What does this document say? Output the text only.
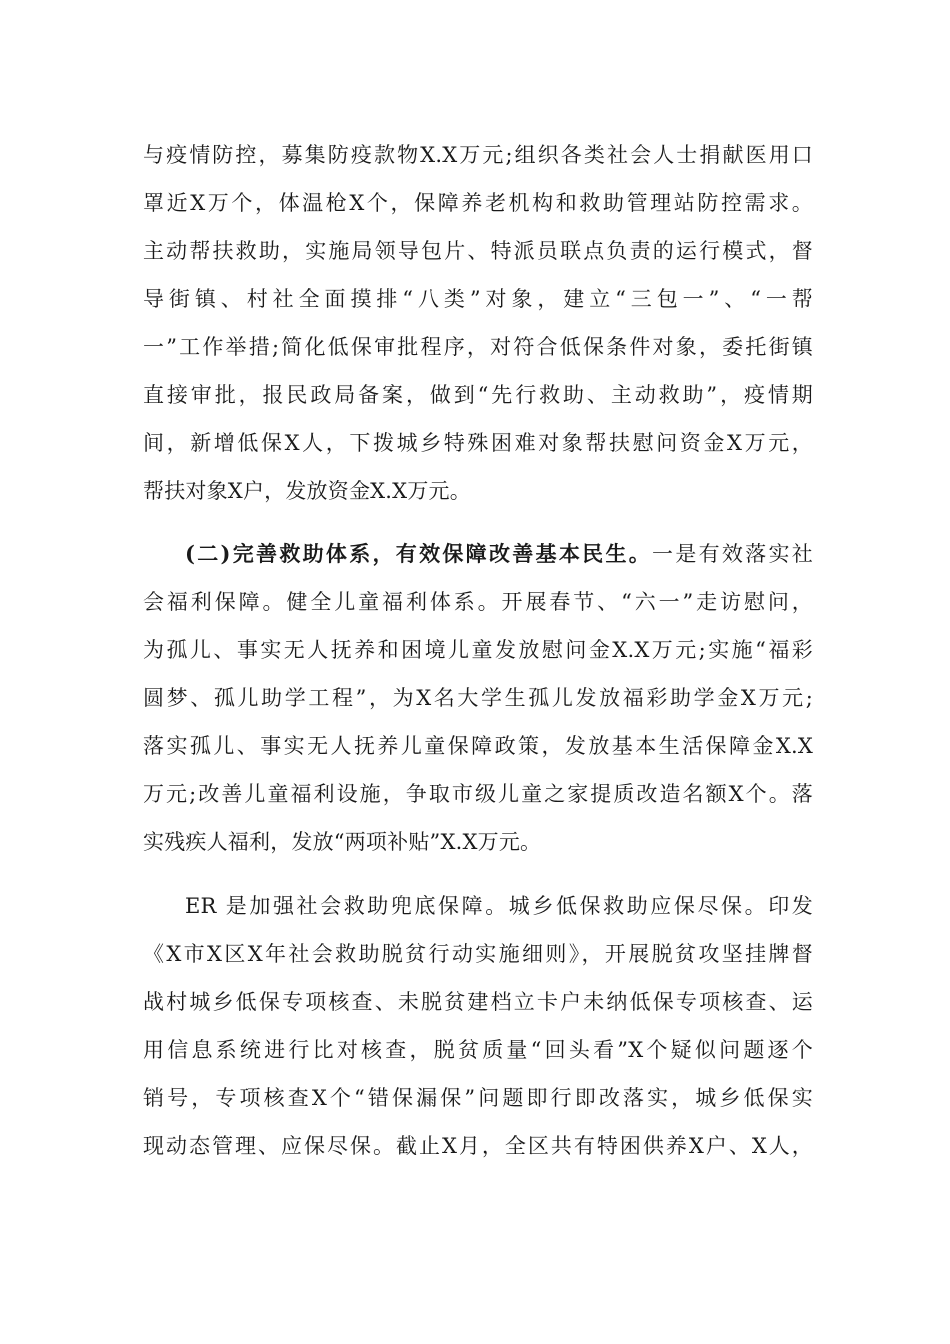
与疫情防控，募集防疫款物X.X万元;组织各类社会人士捐献医用口
罩近X万个，体温枪X个，保障养老机构和救助管理站防控需求。
主动帮扶救助，实施局领导包片、特派员联点负责的运行模式，督
导街镇、村社全面摸排“八类”对象，建立“三包一”、“一帮
一”工作举措;简化低保审批程序，对符合低保条件对象，委托街镇
直接审批，报民政局备案，做到“先行救助、主动救助”，疫情期
间，新增低保X人，下拨城乡特殊困难对象帮扶慰问资金X万元，
帮扶对象X户，发放资金X.X万元。
(二)完善救助体系，有效保障改善基本民生。一是有效落实社
会福利保障。健全儿童福利体系。开展春节、“六一”走访慰问，
为孤儿、事实无人抚养和困境儿童发放慰问金X.X万元;实施“福彩
圆梦、孤儿助学工程”，为X名大学生孤儿发放福彩助学金X万元;
落实孤儿、事实无人抚养儿童保障政策，发放基本生活保障金X.X
万元;改善儿童福利设施，争取市级儿童之家提质改造名额X个。落
实残疾人福利，发放“两项补贴”X.X万元。
ER 是加强社会救助兜底保障。城乡低保救助应保尽保。印发
《X市X区X年社会救助脱贫行动实施细则》，开展脱贫攻坚挂牌督
战村城乡低保专项核查、未脱贫建档立卡户未纳低保专项核查、运
用信息系统进行比对核查，脱贫质量“回头看”X个疑似问题逐个
销号，专项核查X个“错保漏保”问题即行即改落实，城乡低保实
现动态管理、应保尽保。截止X月，全区共有特困供养X户、X人，
